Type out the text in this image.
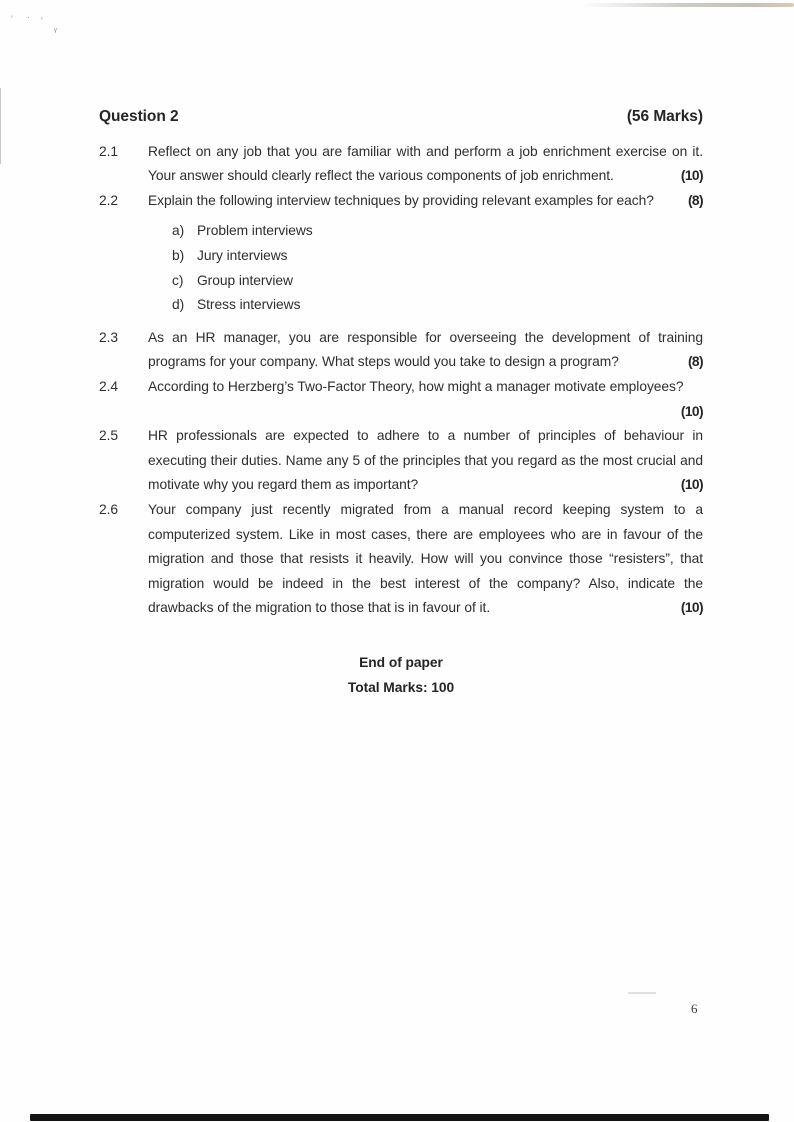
ʹ · ʹ
ᵧ
Question 2	(56 Marks)
2.1	Reflect on any job that you are familiar with and perform a job enrichment exercise on it. Your answer should clearly reflect the various components of job enrichment.	(10)

2.2	Explain the following interview techniques by providing relevant examples for each? (8)

a) Problem interviews
b) Jury interviews
c) Group interview
d) Stress interviews
2.3	As an HR manager, you are responsible for overseeing the development of training programs for your company. What steps would you take to design a program?	(8)

2.4	According to Herzberg’s Two-Factor Theory, how might a manager motivate employees?
(10)

2.5	HR professionals are expected to adhere to a number of principles of behaviour in executing their duties. Name any 5 of the principles that you regard as the most crucial and motivate why you regard them as important?	(10)

2.6	Your company just recently migrated from a manual record keeping system to a computerized system. Like in most cases, there are employees who are in favour of the migration and those that resists it heavily. How will you convince those “resisters”, that migration would be indeed in the best interest of the company? Also, indicate the drawbacks of the migration to those that is in favour of it.	(10)

End of paper
Total Marks: 100
6
